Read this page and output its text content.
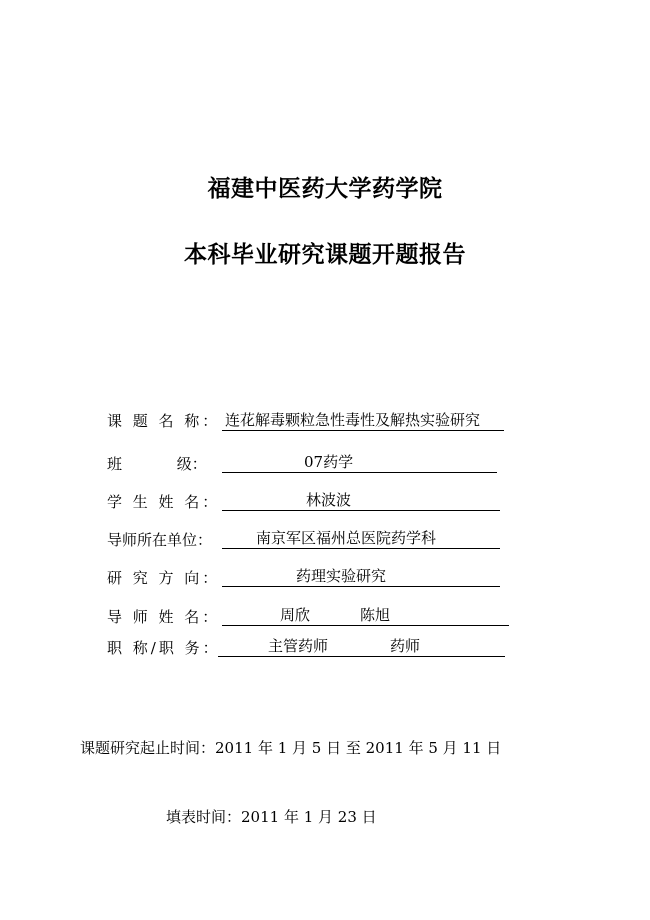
福建中医药大学药学院
本科毕业研究课题开题报告
课 题 名 称： 连花解毒颗粒急性毒性及解热实验研究
班 级：	07药学
学 生 姓 名：	林波波
导师所在单位：	南京军区福州总医院药学科
研 究 方 向：	药理实验研究
导 师 姓 名：	周欣	陈旭
职 称/职 务：	主管药师	药师
课题研究起止时间：2011 年 1 月 5 日 至 2011 年 5 月 11 日
填表时间：2011 年 1 月 23 日
